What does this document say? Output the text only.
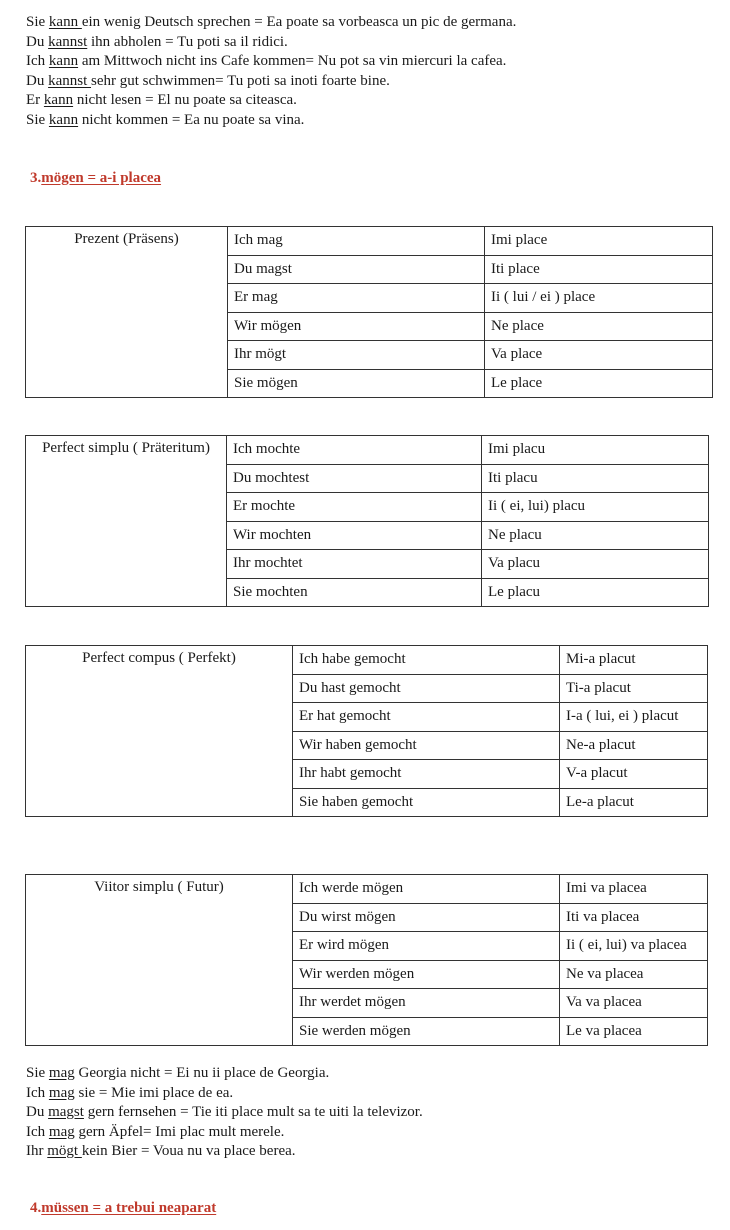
Sie kann ein wenig Deutsch sprechen = Ea poate sa vorbeasca un pic de germana.
Du kannst ihn abholen = Tu poti sa il ridici.
Ich kann am Mittwoch nicht ins Cafe kommen= Nu pot sa vin miercuri la cafea.
Du kannst sehr gut schwimmen= Tu poti sa inoti foarte bine.
Er kann nicht lesen = El nu poate sa citeasca.
Sie kann nicht kommen = Ea nu poate sa vina.
3.mögen = a-i placea
Prezent (Präsens)	Ich mag	Imi place
	Du magst	Iti place
	Er mag	Ii ( lui / ei ) place
	Wir mögen	Ne place
	Ihr mögt	Va place
	Sie mögen	Le place
Perfect simplu ( Präteritum)	Ich mochte	Imi placu
	Du mochtest	Iti placu
	Er mochte	Ii ( ei, lui) placu
	Wir mochten	Ne placu
	Ihr mochtet	Va placu
	Sie mochten	Le placu
Perfect compus ( Perfekt)	Ich habe gemocht	Mi-a placut
	Du hast gemocht	Ti-a placut
	Er hat gemocht	I-a ( lui, ei ) placut
	Wir haben gemocht	Ne-a placut
	Ihr habt gemocht	V-a placut
	Sie haben gemocht	Le-a placut
Viitor simplu ( Futur)	Ich werde mögen	Imi va placea
	Du wirst mögen	Iti va placea
	Er wird mögen	Ii ( ei, lui) va placea
	Wir werden mögen	Ne va placea
	Ihr werdet mögen	Va va placea
	Sie werden mögen	Le va placea
Sie mag Georgia nicht = Ei nu ii place de Georgia.
Ich mag sie = Mie imi place de ea.
Du magst gern fernsehen = Tie iti place mult sa te uiti la televizor.
Ich mag gern Äpfel= Imi plac mult merele.
Ihr mögt kein Bier = Voua nu va place berea.
4.müssen = a trebui neaparat
